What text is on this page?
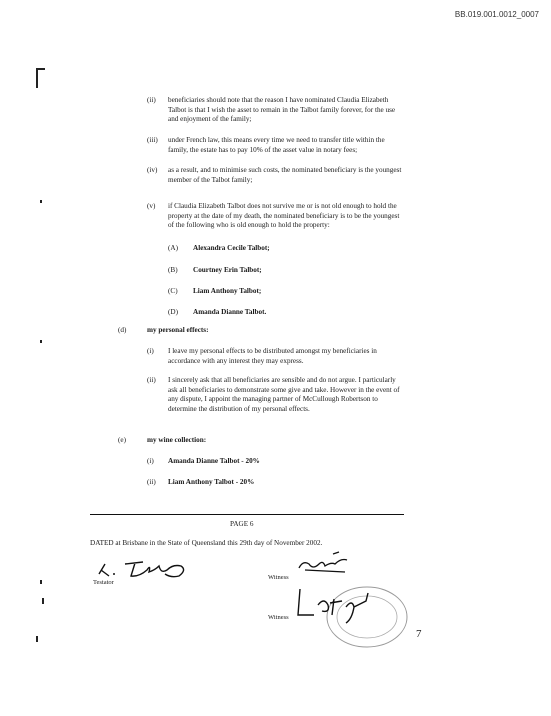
BB.019.001.0012_0007
(ii) beneficiaries should note that the reason I have nominated Claudia Elizabeth Talbot is that I wish the asset to remain in the Talbot family forever, for the use and enjoyment of the family;
(iii) under French law, this means every time we need to transfer title within the family, the estate has to pay 10% of the asset value in notary fees;
(iv) as a result, and to minimise such costs, the nominated beneficiary is the youngest member of the Talbot family;
(v) if Claudia Elizabeth Talbot does not survive me or is not old enough to hold the property at the date of my death, the nominated beneficiary is to be the youngest of the following who is old enough to hold the property:
(A) Alexandra Cecile Talbot;
(B) Courtney Erin Talbot;
(C) Liam Anthony Talbot;
(D) Amanda Dianne Talbot.
(d)	my personal effects:
(i) I leave my personal effects to be distributed amongst my beneficiaries in accordance with any interest they may express.
(ii) I sincerely ask that all beneficiaries are sensible and do not argue. I particularly ask all beneficiaries to demonstrate some give and take. However in the event of any dispute, I appoint the managing partner of McCullough Robertson to determine the distribution of my personal effects.
(e)	my wine collection:
(i) Amanda Dianne Talbot - 20%
(ii) Liam Anthony Talbot - 20%
PAGE 6
DATED at Brisbane in the State of Queensland this 29th day of November 2002.
Testator
Witness
Witness
7
